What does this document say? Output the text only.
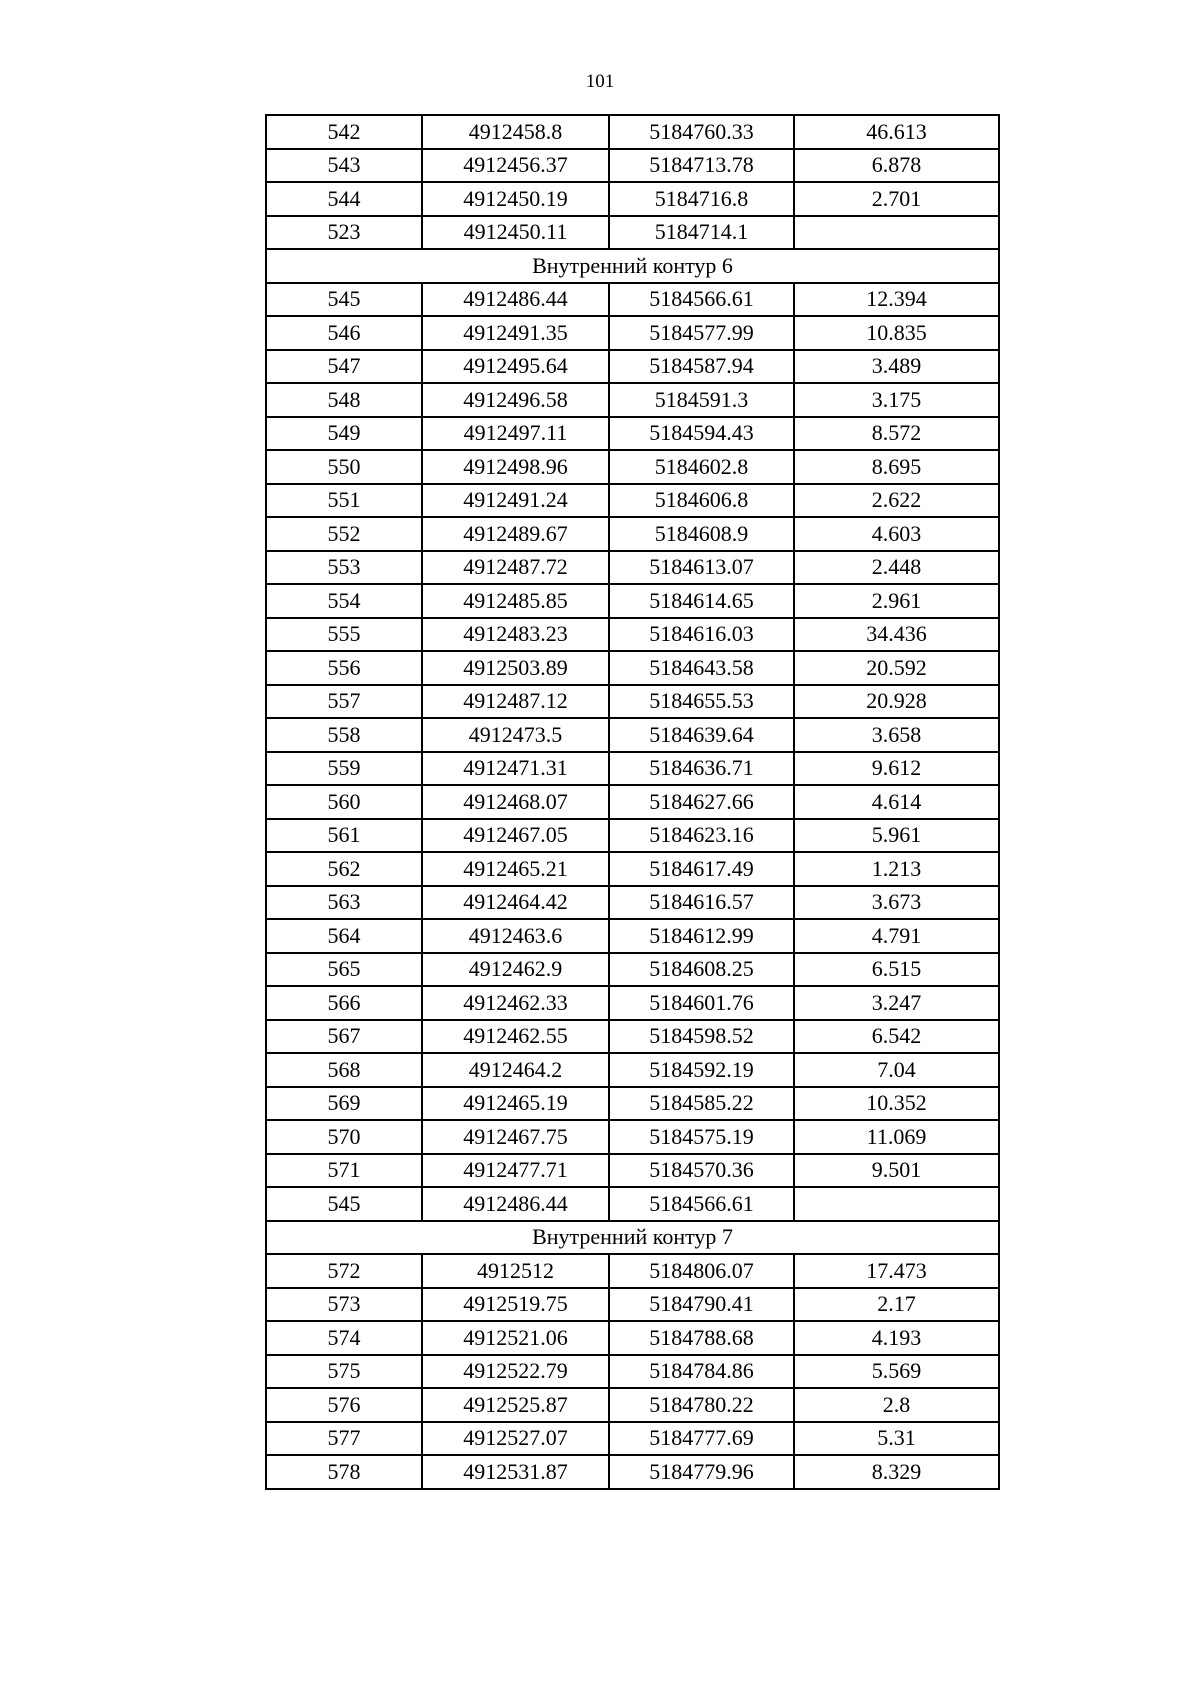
101
542	4912458.8	5184760.33	46.613
543	4912456.37	5184713.78	6.878
544	4912450.19	5184716.8	2.701
523	4912450.11	5184714.1	
Внутренний контур 6			
545	4912486.44	5184566.61	12.394
546	4912491.35	5184577.99	10.835
547	4912495.64	5184587.94	3.489
548	4912496.58	5184591.3	3.175
549	4912497.11	5184594.43	8.572
550	4912498.96	5184602.8	8.695
551	4912491.24	5184606.8	2.622
552	4912489.67	5184608.9	4.603
553	4912487.72	5184613.07	2.448
554	4912485.85	5184614.65	2.961
555	4912483.23	5184616.03	34.436
556	4912503.89	5184643.58	20.592
557	4912487.12	5184655.53	20.928
558	4912473.5	5184639.64	3.658
559	4912471.31	5184636.71	9.612
560	4912468.07	5184627.66	4.614
561	4912467.05	5184623.16	5.961
562	4912465.21	5184617.49	1.213
563	4912464.42	5184616.57	3.673
564	4912463.6	5184612.99	4.791
565	4912462.9	5184608.25	6.515
566	4912462.33	5184601.76	3.247
567	4912462.55	5184598.52	6.542
568	4912464.2	5184592.19	7.04
569	4912465.19	5184585.22	10.352
570	4912467.75	5184575.19	11.069
571	4912477.71	5184570.36	9.501
545	4912486.44	5184566.61	
Внутренний контур 7			
572	4912512	5184806.07	17.473
573	4912519.75	5184790.41	2.17
574	4912521.06	5184788.68	4.193
575	4912522.79	5184784.86	5.569
576	4912525.87	5184780.22	2.8
577	4912527.07	5184777.69	5.31
578	4912531.87	5184779.96	8.329
